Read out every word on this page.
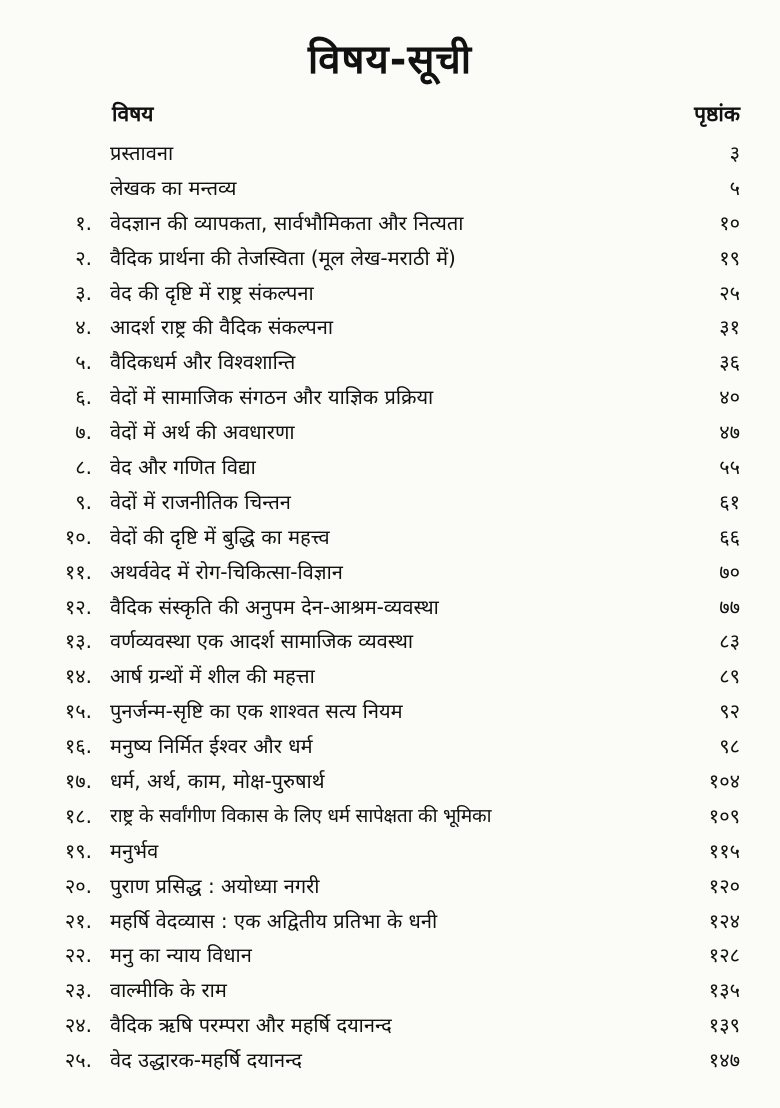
विषय-सूची
विषय	पृष्ठांक
प्रस्तावना	३
लेखक का मन्तव्य	५
१. वेदज्ञान की व्यापकता, सार्वभौमिकता और नित्यता	१०
२. वैदिक प्रार्थना की तेजस्विता (मूल लेख-मराठी में)	१९
३. वेद की दृष्टि में राष्ट्र संकल्पना	२५
४. आदर्श राष्ट्र की वैदिक संकल्पना	३१
५. वैदिकधर्म और विश्वशान्ति	३६
६. वेदों में सामाजिक संगठन और याज्ञिक प्रक्रिया	४०
७. वेदों में अर्थ की अवधारणा	४७
८. वेद और गणित विद्या	५५
९. वेदों में राजनीतिक चिन्तन	६१
१०. वेदों की दृष्टि में बुद्धि का महत्त्व	६६
११. अथर्ववेद में रोग-चिकित्सा-विज्ञान	७०
१२. वैदिक संस्कृति की अनुपम देन-आश्रम-व्यवस्था	७७
१३. वर्णव्यवस्था एक आदर्श सामाजिक व्यवस्था	८३
१४. आर्ष ग्रन्थों में शील की महत्ता	८९
१५. पुनर्जन्म-सृष्टि का एक शाश्वत सत्य नियम	९२
१६. मनुष्य निर्मित ईश्वर और धर्म	९८
१७. धर्म, अर्थ, काम, मोक्ष-पुरुषार्थ	१०४
१८. राष्ट्र के सर्वांगीण विकास के लिए धर्म सापेक्षता की भूमिका	१०९
१९. मनुर्भव	११५
२०. पुराण प्रसिद्ध : अयोध्या नगरी	१२०
२१. महर्षि वेदव्यास : एक अद्वितीय प्रतिभा के धनी	१२४
२२. मनु का न्याय विधान	१२८
२३. वाल्मीकि के राम	१३५
२४. वैदिक ऋषि परम्परा और महर्षि दयानन्द	१३९
२५. वेद उद्धारक-महर्षि दयानन्द	१४७
